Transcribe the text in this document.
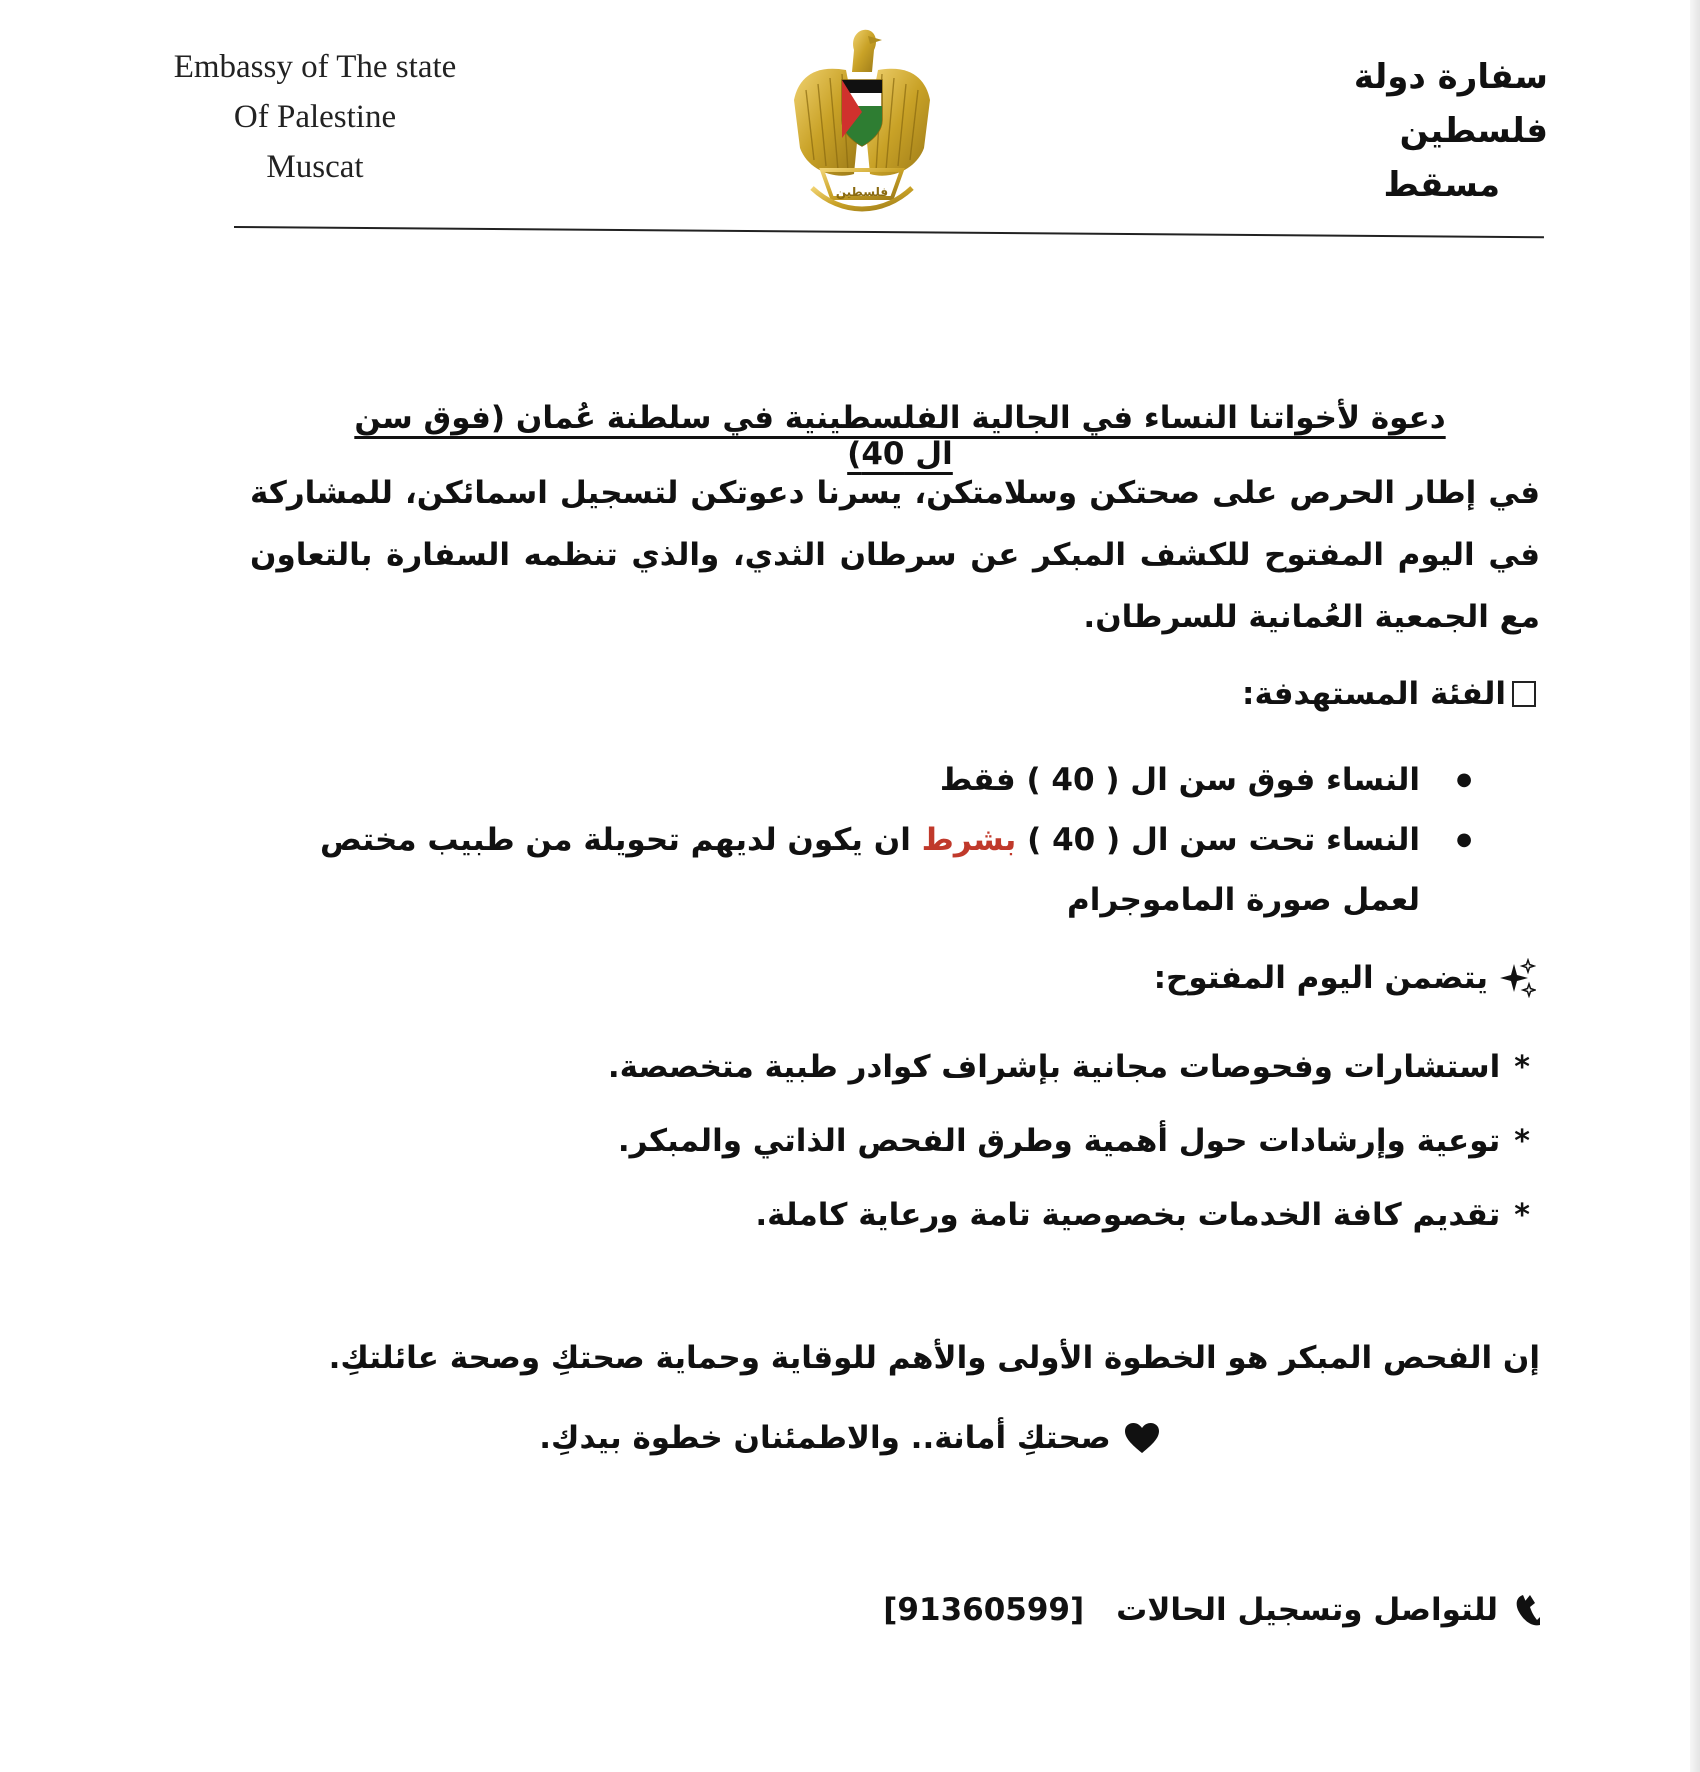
Embassy of The state
Of Palestine
Muscat
فلسطين
سفارة دولة فلسطين
مسقط
دعوة لأخواتنا النساء في الجالية الفلسطينية في سلطنة عُمان (فوق سن ال 40)
في إطار الحرص على صحتكن وسلامتكن، يسرنا دعوتكن لتسجيل اسمائكن، للمشاركة في اليوم المفتوح للكشف المبكر عن سرطان الثدي، والذي تنظمه السفارة بالتعاون مع الجمعية العُمانية للسرطان.
الفئة المستهدفة:
● النساء فوق سن ال ( 40 ) فقط
● النساء تحت سن ال ( 40 ) بشرط ان يكون لديهم تحويلة من طبيب مختص لعمل صورة الماموجرام
يتضمن اليوم المفتوح:
*
استشارات وفحوصات مجانية بإشراف كوادر طبية متخصصة.
*
توعية وإرشادات حول أهمية وطرق الفحص الذاتي والمبكر.
*
تقديم كافة الخدمات بخصوصية تامة ورعاية كاملة.
إن الفحص المبكر هو الخطوة الأولى والأهم للوقاية وحماية صحتكِ وصحة عائلتكِ.
صحتكِ أمانة.. والاطمئنان خطوة بيدكِ.
للتواصل وتسجيل الحالات
[91360599]
